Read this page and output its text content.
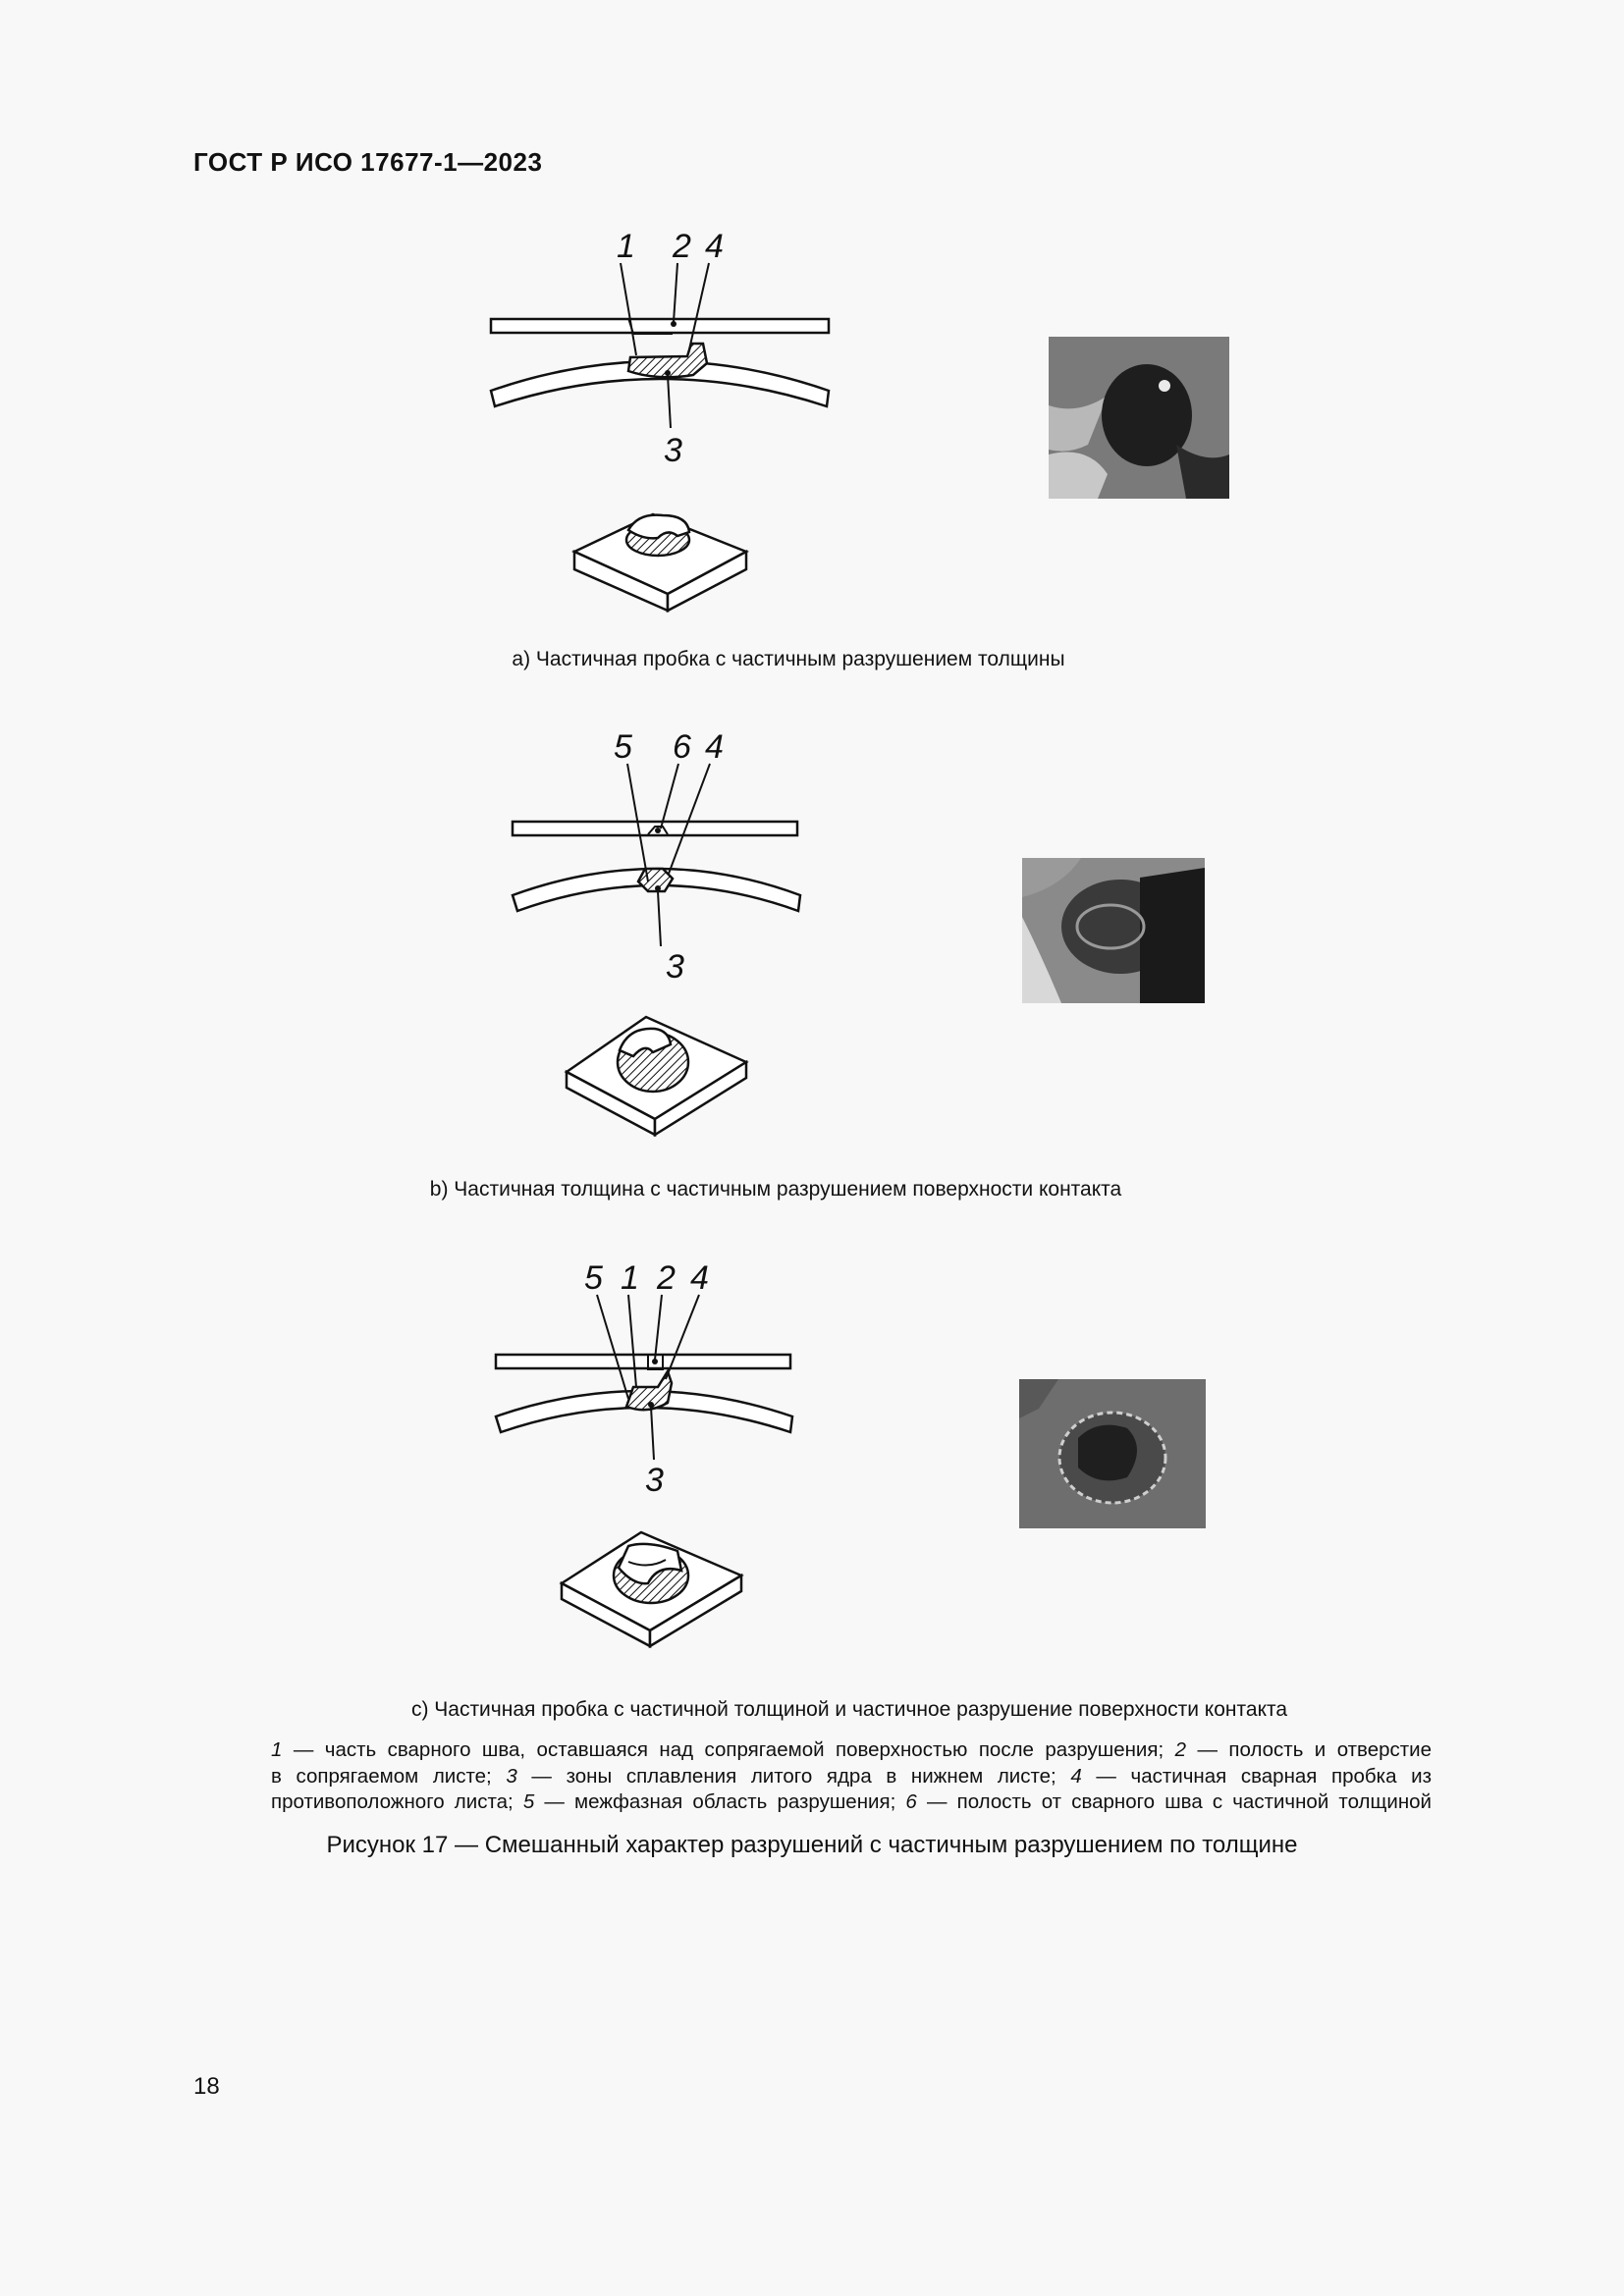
ГОСТ Р ИСО 17677-1—2023
1 2 4
3
a) Частичная пробка с частичным разрушением толщины
5 6 4
3
b) Частичная толщина с частичным разрушением поверхности контакта
5 1 2 4
3
c) Частичная пробка с частичной толщиной и частичное разрушение поверхности контакта
1 — часть сварного шва, оставшаяся над сопрягаемой поверхностью после разрушения; 2 — полость и отверстие
в сопрягаемом листе; 3 — зоны сплавления литого ядра в нижнем листе; 4 — частичная сварная пробка из
противоположного листа; 5 — межфазная область разрушения; 6 — полость от сварного шва с частичной толщиной
Рисунок 17 — Смешанный характер разрушений с частичным разрушением по толщине
18
